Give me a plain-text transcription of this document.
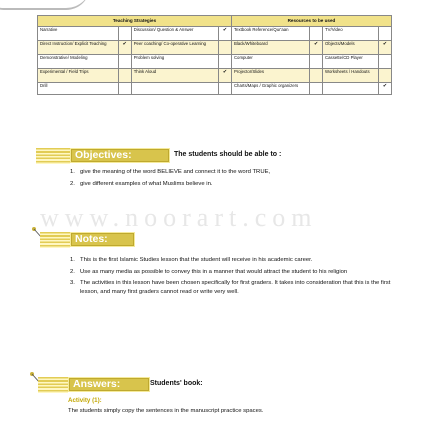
Teaching Strategies				Resources to be used			
Narrative		Discussion/ Question & Answer	✔	Textbook Reference/Qur'aan		TV/Video	
Direct Instruction/ Explicit Teaching	✔	Peer coaching/ Co-operative Learning		Black/Whiteboard	✔	Objects/Models	✔
Demonstrative/ Modeling		Problem solving		Computer		Cassette/CD Player	
Experimental / Field Trips		Think Aloud	✔	Projector/Slides		Worksheets / Handouts	
Drill				Charts/Maps / Graphic organizers			✔
Objectives:	The students should be able to :
1. give the meaning of the word BELIEVE and connect it to the word TRUE,
2. give different examples of what Muslims believe in.
www.noorart.com
Notes:
1. This is the first Islamic Studies lesson that the student will receive in his academic career.
2. Use as many media as possible to convey this in a manner that would attract the student to his religion
3. The activities in this lesson have been chosen specifically for first graders. It takes into consideration that this is the first lesson, and many first graders cannot read or write very well.
Answers:	Students' book:
Activity (1):
The students simply copy the sentences in the manuscript practice spaces.
